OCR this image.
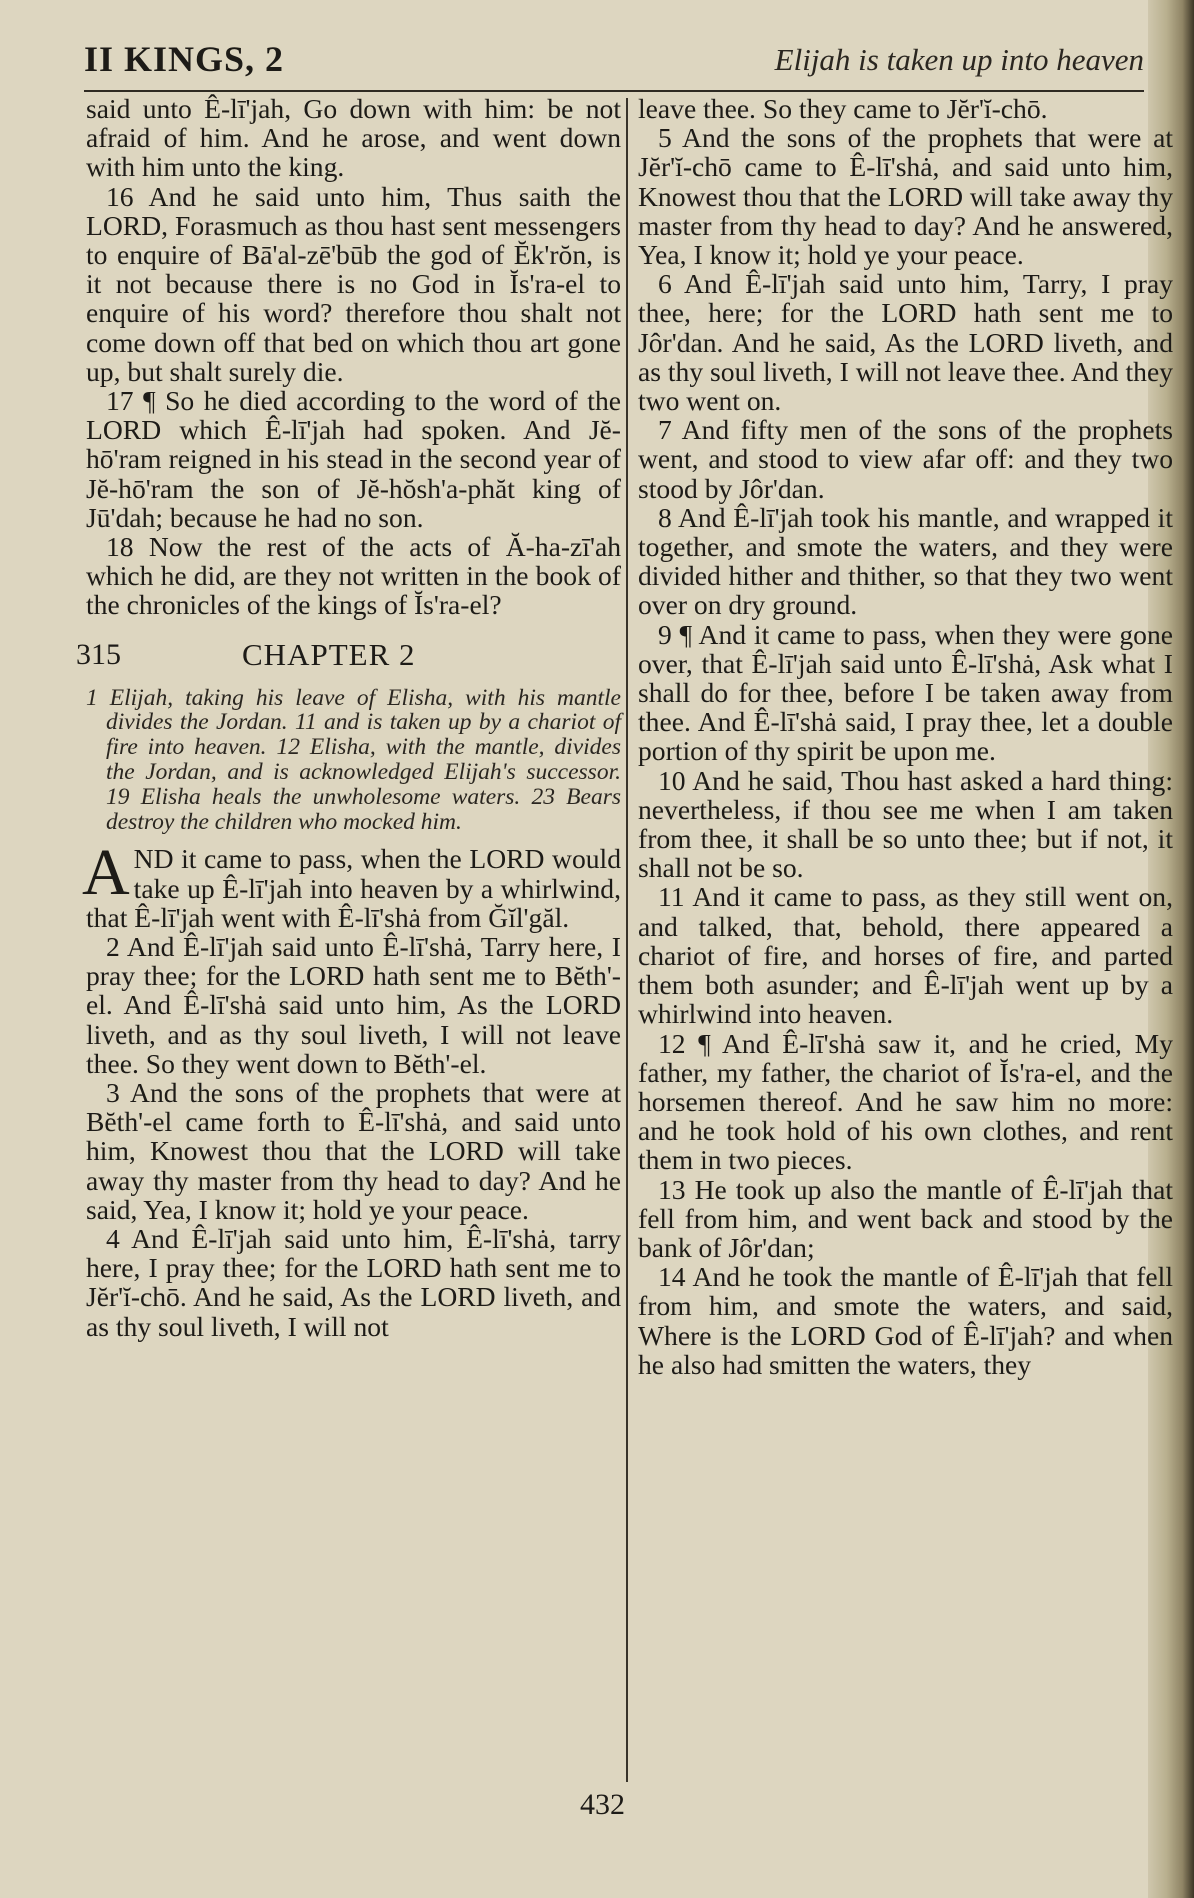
II KINGS, 2	Elijah is taken up into heaven

said unto Ê-lī'jah, Go down with him: be not afraid of him. And he arose, and went down with him unto the king.

16 And he said unto him, Thus saith the LORD, Forasmuch as thou hast sent messengers to enquire of Bā'al-zē'būb the god of Ĕk'rŏn, is it not because there is no God in Ĭs'ra-el to enquire of his word? therefore thou shalt not come down off that bed on which thou art gone up, but shalt surely die.

17 ¶ So he died according to the word of the LORD which Ê-lī'jah had spoken. And Jĕ-hō'ram reigned in his stead in the second year of Jĕ-hō'ram the son of Jĕ-hŏsh'a-phăt king of Jū'dah; because he had no son.

18 Now the rest of the acts of Ă-ha-zī'ah which he did, are they not written in the book of the chronicles of the kings of Ĭs'ra-el?

315	CHAPTER 2
1 Elijah, taking his leave of Elisha, with his mantle divides the Jordan. 11 and is taken up by a chariot of fire into heaven. 12 Elisha, with the mantle, divides the Jordan, and is acknowledged Elijah's successor. 19 Elisha heals the unwholesome waters. 23 Bears destroy the children who mocked him.

AND it came to pass, when the LORD would take up Ê-lī'jah into heaven by a whirlwind, that Ê-lī'jah went with Ê-lī'shȧ from Ğĭl'găl.

2 And Ê-lī'jah said unto Ê-lī'shȧ, Tarry here, I pray thee; for the LORD hath sent me to Bĕth'-el. And Ê-lī'shȧ said unto him, As the LORD liveth, and as thy soul liveth, I will not leave thee. So they went down to Bĕth'-el.

3 And the sons of the prophets that were at Bĕth'-el came forth to Ê-lī'shȧ, and said unto him, Knowest thou that the LORD will take away thy master from thy head to day? And he said, Yea, I know it; hold ye your peace.

4 And Ê-lī'jah said unto him, Ê-lī'shȧ, tarry here, I pray thee; for the LORD hath sent me to Jĕr'ĭ-chō. And he said, As the LORD liveth, and as thy soul liveth, I will not

leave thee. So they came to Jĕr'ĭ-chō.

5 And the sons of the prophets that were at Jĕr'ĭ-chō came to Ê-lī'shȧ, and said unto him, Knowest thou that the LORD will take away thy master from thy head to day? And he answered, Yea, I know it; hold ye your peace.

6 And Ê-lī'jah said unto him, Tarry, I pray thee, here; for the LORD hath sent me to Jôr'dan. And he said, As the LORD liveth, and as thy soul liveth, I will not leave thee. And they two went on.

7 And fifty men of the sons of the prophets went, and stood to view afar off: and they two stood by Jôr'dan.

8 And Ê-lī'jah took his mantle, and wrapped it together, and smote the waters, and they were divided hither and thither, so that they two went over on dry ground.

9 ¶ And it came to pass, when they were gone over, that Ê-lī'jah said unto Ê-lī'shȧ, Ask what I shall do for thee, before I be taken away from thee. And Ê-lī'shȧ said, I pray thee, let a double portion of thy spirit be upon me.

10 And he said, Thou hast asked a hard thing: nevertheless, if thou see me when I am taken from thee, it shall be so unto thee; but if not, it shall not be so.

11 And it came to pass, as they still went on, and talked, that, behold, there appeared a chariot of fire, and horses of fire, and parted them both asunder; and Ê-lī'jah went up by a whirlwind into heaven.

12 ¶ And Ê-lī'shȧ saw it, and he cried, My father, my father, the chariot of Ĭs'ra-el, and the horsemen thereof. And he saw him no more: and he took hold of his own clothes, and rent them in two pieces.

13 He took up also the mantle of Ê-lī'jah that fell from him, and went back and stood by the bank of Jôr'dan;

14 And he took the mantle of Ê-lī'jah that fell from him, and smote the waters, and said, Where is the LORD God of Ê-lī'jah? and when he also had smitten the waters, they

432
